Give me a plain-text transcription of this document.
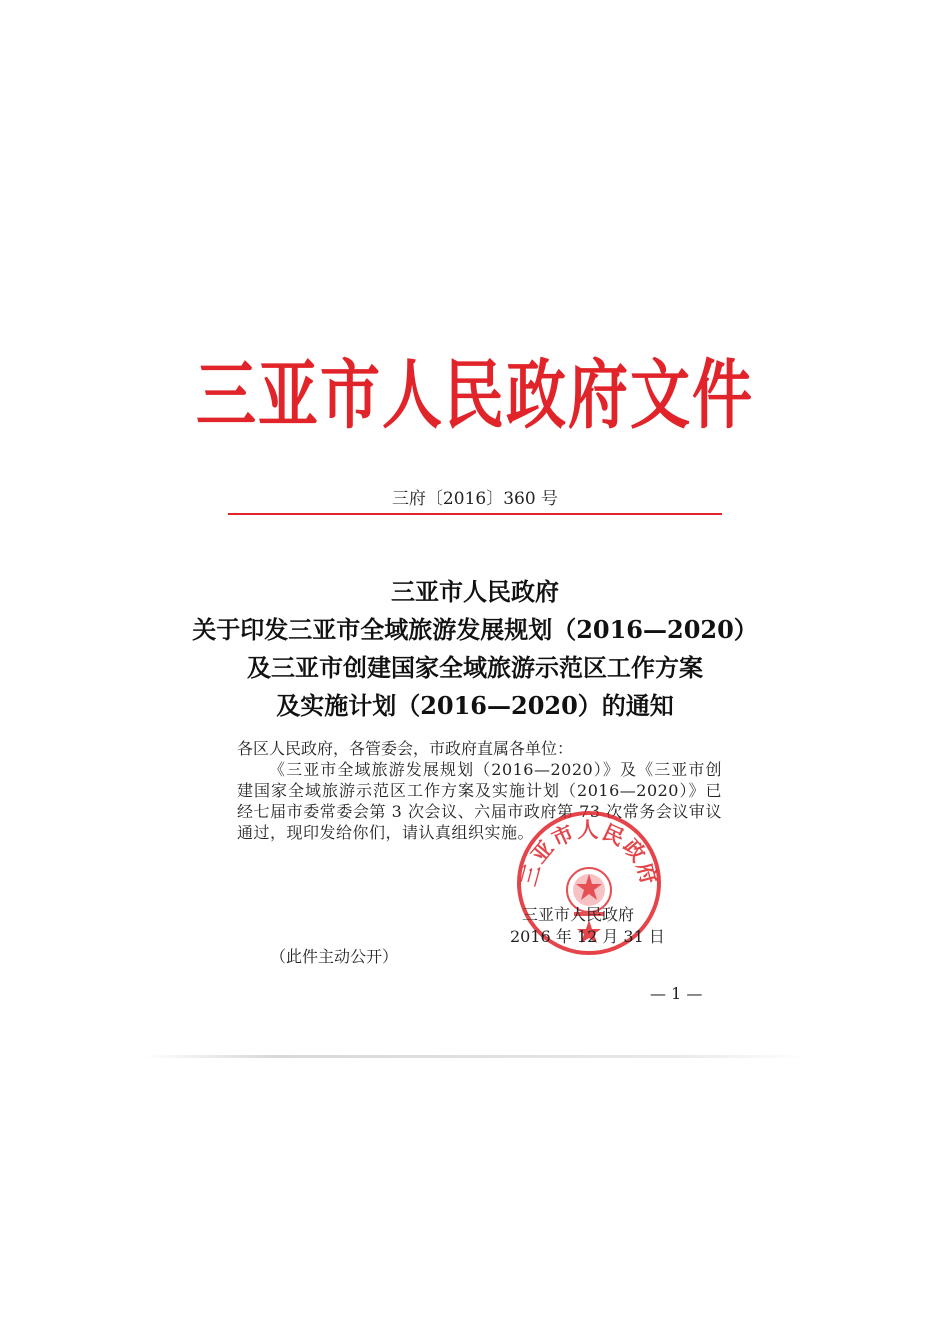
三亚市人民政府文件
三府〔2016〕360 号
三亚市人民政府
关于印发三亚市全域旅游发展规划（2016—2020）
及三亚市创建国家全域旅游示范区工作方案
及实施计划（2016—2020）的通知
各区人民政府，各管委会，市政府直属各单位：
《三亚市全域旅游发展规划（2016—2020）》及《三亚市创建国家全域旅游示范区工作方案及实施计划（2016—2020）》已经七届市委常委会第 3 次会议、六届市政府第 73 次常务会议审议通过，现印发给你们，请认真组织实施。
三亚市人民政府
三亚市人民政府
2016 年 12 月 31 日
（此件主动公开）
— 1 —
